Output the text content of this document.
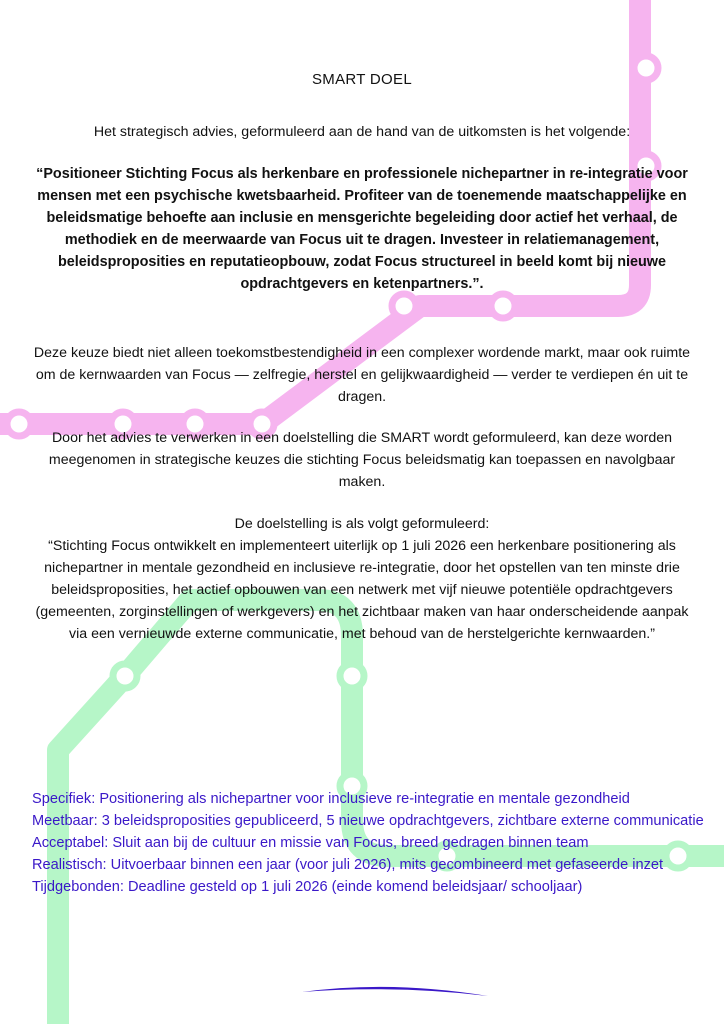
SMART DOEL
Het strategisch advies, geformuleerd aan de hand van de uitkomsten is het volgende:
“Positioneer Stichting Focus als herkenbare en professionele nichepartner in re-integratie voor mensen met een psychische kwetsbaarheid. Profiteer van de toenemende maatschappelijke en beleidsmatige behoefte aan inclusie en mensgerichte begeleiding door actief het verhaal, de methodiek en de meerwaarde van Focus uit te dragen. Investeer in relatiemanagement, beleidsproposities en reputatieopbouw, zodat Focus structureel in beeld komt bij nieuwe opdrachtgevers en ketenpartners.”.
Deze keuze biedt niet alleen toekomstbestendigheid in een complexer wordende markt, maar ook ruimte om de kernwaarden van Focus — zelfregie, herstel en gelijkwaardigheid — verder te verdiepen én uit te dragen.
Door het advies te verwerken in een doelstelling die SMART wordt geformuleerd, kan deze worden meegenomen in strategische keuzes die stichting Focus beleidsmatig kan toepassen en navolgbaar maken.
De doelstelling is als volgt geformuleerd:
“Stichting Focus ontwikkelt en implementeert uiterlijk op 1 juli 2026 een herkenbare positionering als nichepartner in mentale gezondheid en inclusieve re-integratie, door het opstellen van ten minste drie beleidsproposities, het actief opbouwen van een netwerk met vijf nieuwe potentiële opdrachtgevers (gemeenten, zorginstellingen of werkgevers) en het zichtbaar maken van haar onderscheidende aanpak via een vernieuwde externe communicatie, met behoud van de herstelgerichte kernwaarden.”
Specifiek: Positionering als nichepartner voor inclusieve re-integratie en mentale gezondheid
Meetbaar: 3 beleidsproposities gepubliceerd, 5 nieuwe opdrachtgevers, zichtbare externe communicatie
Acceptabel: Sluit aan bij de cultuur en missie van Focus, breed gedragen binnen team
Realistisch: Uitvoerbaar binnen een jaar (voor juli 2026), mits gecombineerd met gefaseerde inzet
Tijdgebonden: Deadline gesteld op 1 juli 2026 (einde komend beleidsjaar/ schooljaar)
